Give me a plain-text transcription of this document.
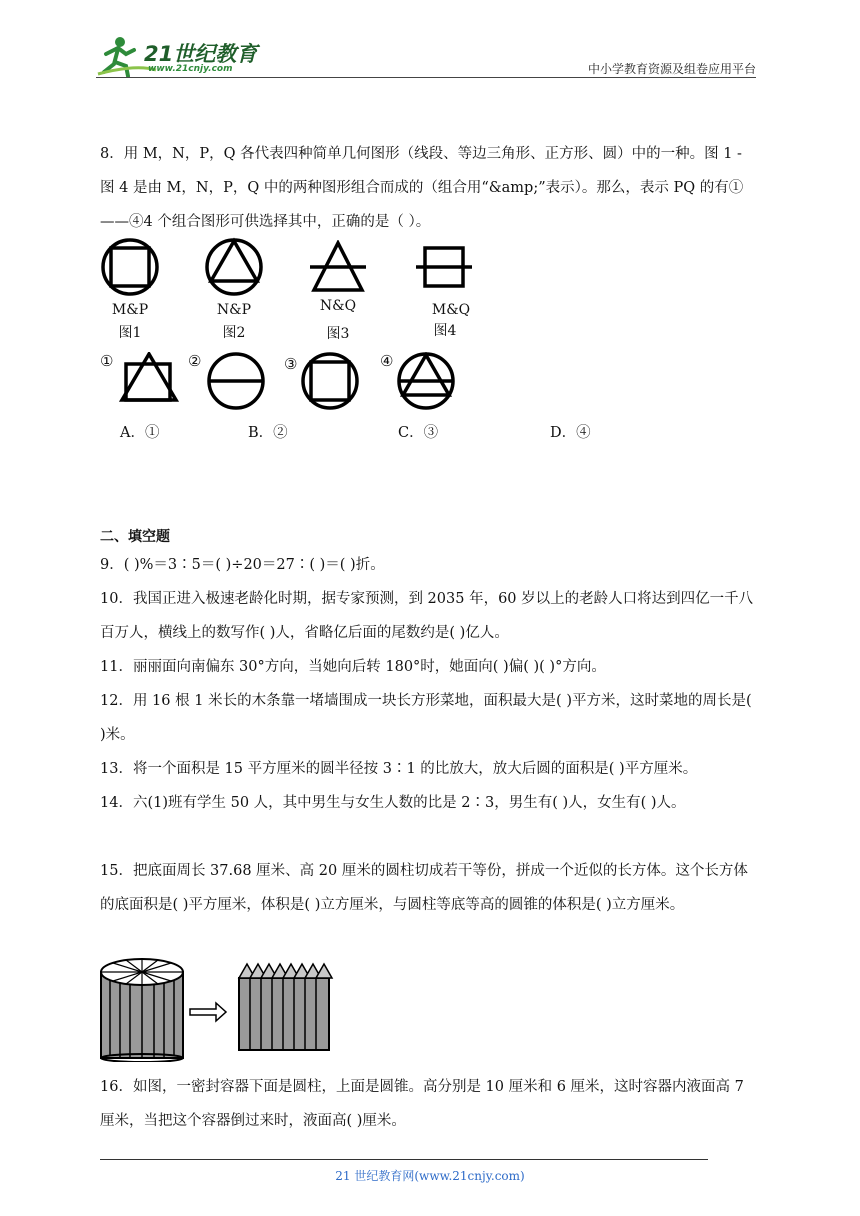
21世纪教育
www.21cnjy.com	中小学教育资源及组卷应用平台
8．用 M，N，P，Q 各代表四种简单几何图形（线段、等边三角形、正方形、圆）中的一种。图 1 - 图 4 是由 M，N，P，Q 中的两种图形组合而成的（组合用“&amp;”表示）。那么，表示 PQ 的有①——④4 个组合图形可供选择其中，正确的是（ ）。
M&P
图1
N&P
图2
N&Q
图3
M&Q
图4
①	②	③	④
A．①	B．②	C．③	D．④
二、填空题
9．( )%＝3∶5＝( )÷20＝27∶( )＝( )折。
10．我国正进入极速老龄化时期，据专家预测，到 2035 年，60 岁以上的老龄人口将达到四亿一千八百万人，横线上的数写作( )人，省略亿后面的尾数约是( )亿人。
11．丽丽面向南偏东 30°方向，当她向后转 180°时，她面向( )偏( )( )°方向。
12．用 16 根 1 米长的木条靠一堵墙围成一块长方形菜地，面积最大是( )平方米，这时菜地的周长是( )米。
13．将一个面积是 15 平方厘米的圆半径按 3∶1 的比放大，放大后圆的面积是( )平方厘米。
14．六(1)班有学生 50 人，其中男生与女生人数的比是 2∶3，男生有( )人，女生有( )人。
15．把底面周长 37.68 厘米、高 20 厘米的圆柱切成若干等份，拼成一个近似的长方体。这个长方体的底面积是( )平方厘米，体积是( )立方厘米，与圆柱等底等高的圆锥的体积是( )立方厘米。
16．如图，一密封容器下面是圆柱，上面是圆锥。高分别是 10 厘米和 6 厘米，这时容器内液面高 7 厘米，当把这个容器倒过来时，液面高( )厘米。
21 世纪教育网(www.21cnjy.com)
